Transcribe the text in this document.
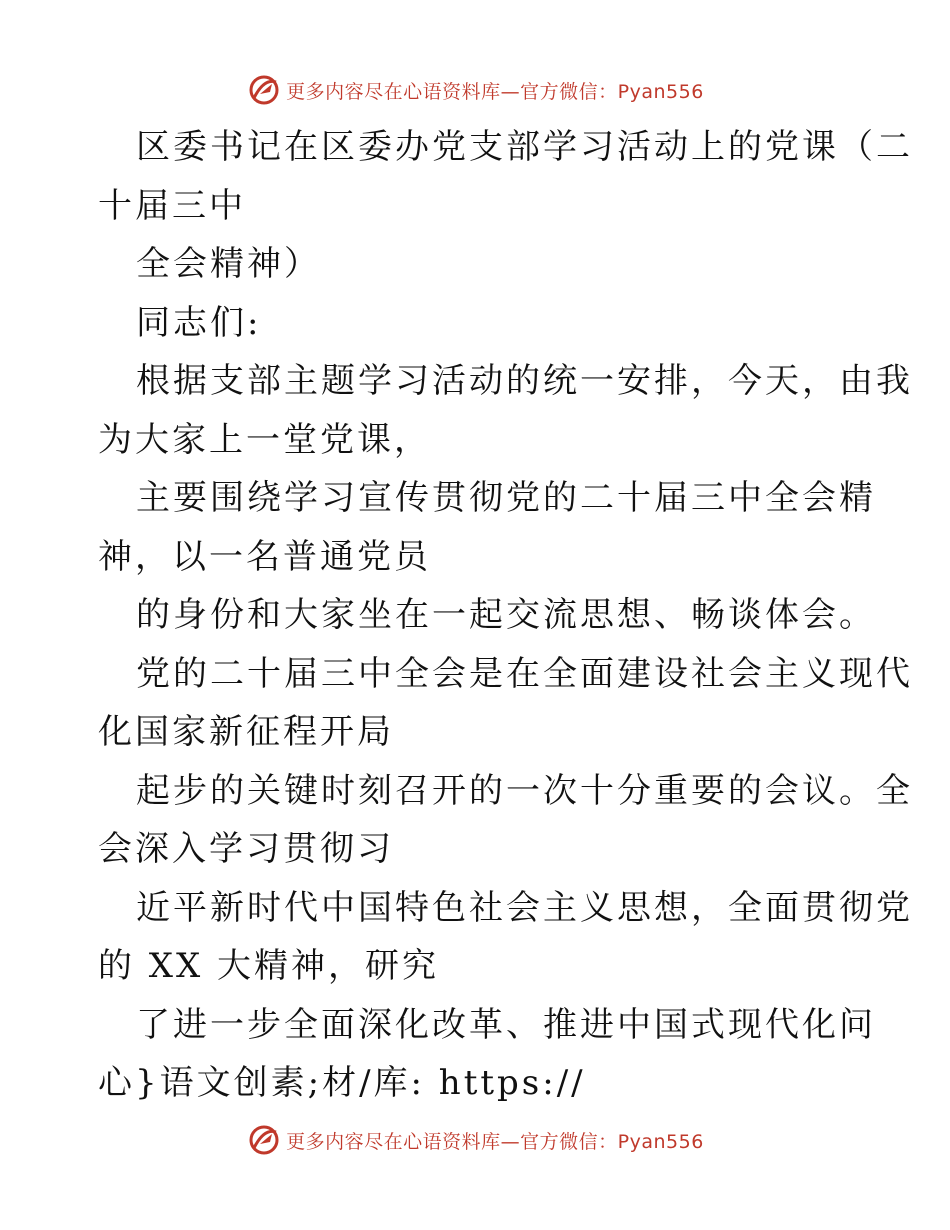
更多内容尽在心语资料库—官方微信：Pyan556
区委书记在区委办党支部学习活动上的党课（二
十届三中
全会精神）
同志们:
根据支部主题学习活动的统一安排，今天，由我
为大家上一堂党课，
主要围绕学习宣传贯彻党的二十届三中全会精
神，以一名普通党员
的身份和大家坐在一起交流思想、畅谈体会。
党的二十届三中全会是在全面建设社会主义现代
化国家新征程开局
起步的关键时刻召开的一次十分重要的会议。全
会深入学习贯彻习
近平新时代中国特色社会主义思想，全面贯彻党
的 XX 大精神，研究
了进一步全面深化改革、推进中国式现代化问
心}语文创素;材/库: https://
更多内容尽在心语资料库—官方微信：Pyan556
